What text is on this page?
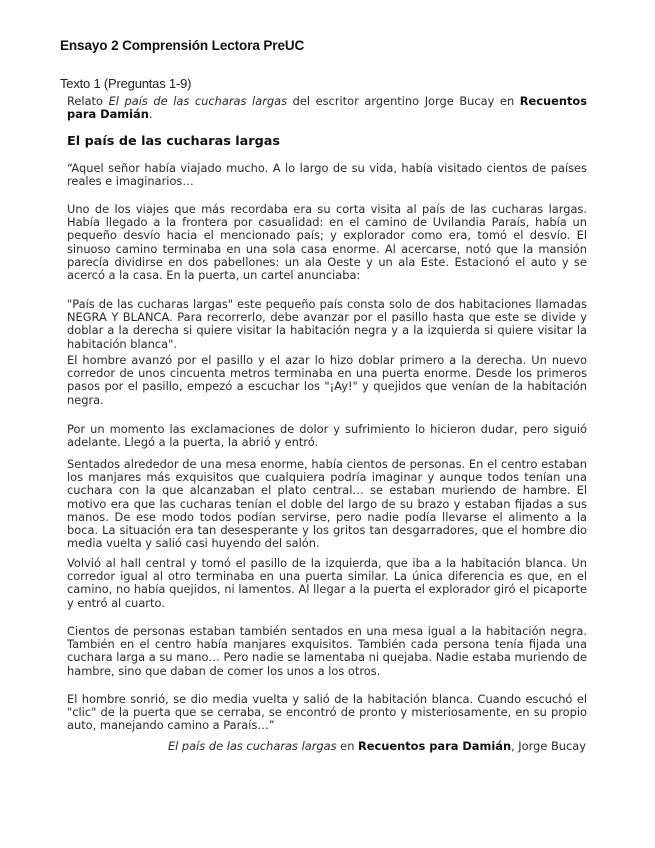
Ensayo 2 Comprensión Lectora PreUC
Texto 1 (Preguntas 1-9)

Relato El país de las cucharas largas del escritor argentino Jorge Bucay en Recuentos para Damián.

El país de las cucharas largas

“Aquel señor había viajado mucho. A lo largo de su vida, había visitado cientos de países reales e imaginarios…

Uno de los viajes que más recordaba era su corta visita al país de las cucharas largas. Había llegado a la frontera por casualidad: en el camino de Uvilandia Paraís, había un pequeño desvío hacia el mencionado país; y explorador como era, tomó el desvío. El sinuoso camino terminaba en una sola casa enorme. Al acercarse, notó que la mansión parecía dividirse en dos pabellones: un ala Oeste y un ala Este. Estacionó el auto y se acercó a la casa. En la puerta, un cartel anunciaba:

"País de las cucharas largas" este pequeño país consta solo de dos habitaciones llamadas NEGRA Y BLANCA. Para recorrerlo, debe avanzar por el pasillo hasta que este se divide y doblar a la derecha si quiere visitar la habitación negra y a la izquierda si quiere visitar la habitación blanca".

El hombre avanzó por el pasillo y el azar lo hizo doblar primero a la derecha. Un nuevo corredor de unos cincuenta metros terminaba en una puerta enorme. Desde los primeros pasos por el pasillo, empezó a escuchar los "¡Ay!" y quejidos que venían de la habitación negra.

Por un momento las exclamaciones de dolor y sufrimiento lo hicieron dudar, pero siguió adelante. Llegó a la puerta, la abrió y entró.

Sentados alrededor de una mesa enorme, había cientos de personas. En el centro estaban los manjares más exquisitos que cualquiera podría imaginar y aunque todos tenían una cuchara con la que alcanzaban el plato central… se estaban muriendo de hambre. El motivo era que las cucharas tenían el doble del largo de su brazo y estaban fijadas a sus manos. De ese modo todos podían servirse, pero nadie podía llevarse el alimento a la boca. La situación era tan desesperante y los gritos tan desgarradores, que el hombre dio media vuelta y salió casi huyendo del salón.

Volvió al hall central y tomó el pasillo de la izquierda, que iba a la habitación blanca. Un corredor igual al otro terminaba en una puerta similar. La única diferencia es que, en el camino, no había quejidos, ni lamentos. Al llegar a la puerta el explorador giró el picaporte y entró al cuarto.

Cientos de personas estaban también sentados en una mesa igual a la habitación negra. También en el centro había manjares exquisitos. También cada persona tenía fijada una cuchara larga a su mano… Pero nadie se lamentaba ni quejaba. Nadie estaba muriendo de hambre, sino que daban de comer los unos a los otros.

El hombre sonrió, se dio media vuelta y salió de la habitación blanca. Cuando escuchó el "clic" de la puerta que se cerraba, se encontró de pronto y misteriosamente, en su propio auto, manejando camino a Paraís…”

El país de las cucharas largas en Recuentos para Damián, Jorge Bucay
